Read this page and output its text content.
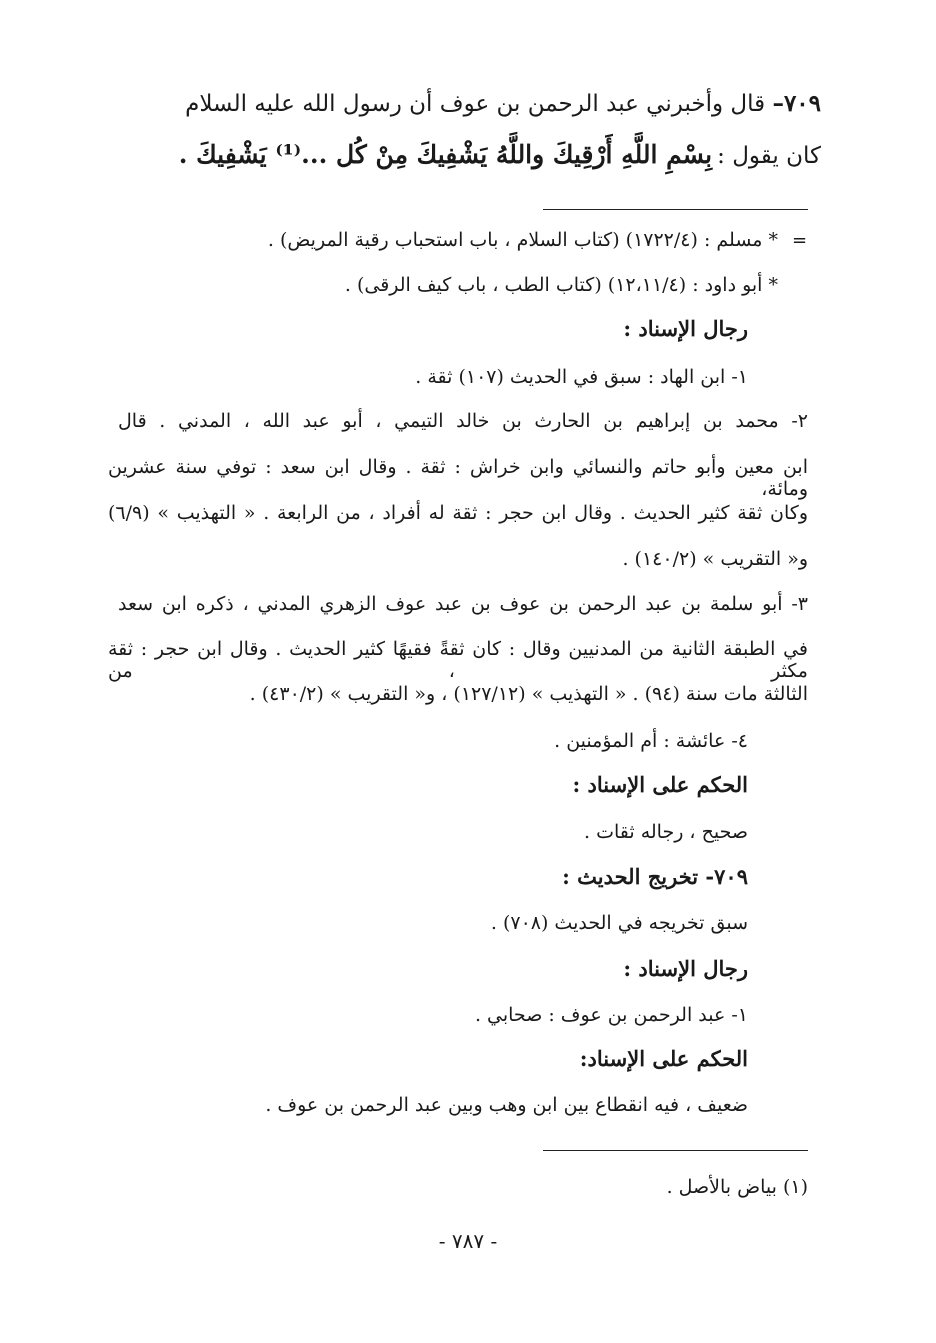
٧٠٩– قال وأخبرني عبد الرحمن بن عوف أن رسول الله عليه السلام
كان يقول : بِسْمِ اللَّهِ أَرْقِيكَ واللَّهُ يَشْفِيكَ مِنْ كُل ...⁽¹⁾ يَشْفِيكَ .
=
* مسلم : (١٧٢٢/٤) (كتاب السلام ، باب استحباب رقية المريض) .
* أبو داود : (١٢،١١/٤) (كتاب الطب ، باب كيف الرقى) .
رجال الإسناد :
١- ابن الهاد : سبق في الحديث (١٠٧) ثقة .
٢- محمد بن إبراهيم بن الحارث بن خالد التيمي ، أبو عبد الله ، المدني . قال
ابن معين وأبو حاتم والنسائي وابن خراش : ثقة . وقال ابن سعد : توفي سنة عشرين ومائة،
وكان ثقة كثير الحديث . وقال ابن حجر : ثقة له أفراد ، من الرابعة . « التهذيب » (٦/٩)
و« التقريب » (١٤٠/٢) .
٣- أبو سلمة بن عبد الرحمن بن عوف بن عبد عوف الزهري المدني ، ذكره ابن سعد
في الطبقة الثانية من المدنيين وقال : كان ثقةً فقيهًا كثير الحديث . وقال ابن حجر : ثقة مكثر ، من
الثالثة مات سنة (٩٤) . « التهذيب » (١٢٧/١٢) ، و« التقريب » (٤٣٠/٢) .
٤- عائشة : أم المؤمنين .
الحكم على الإسناد :
صحيح ، رجاله ثقات .
٧٠٩- تخريج الحديث :
سبق تخريجه في الحديث (٧٠٨) .
رجال الإسناد :
١- عبد الرحمن بن عوف : صحابي .
الحكم على الإسناد:
ضعيف ، فيه انقطاع بين ابن وهب وبين عبد الرحمن بن عوف .
(١) بياض بالأصل .
- ٧٨٧ -
